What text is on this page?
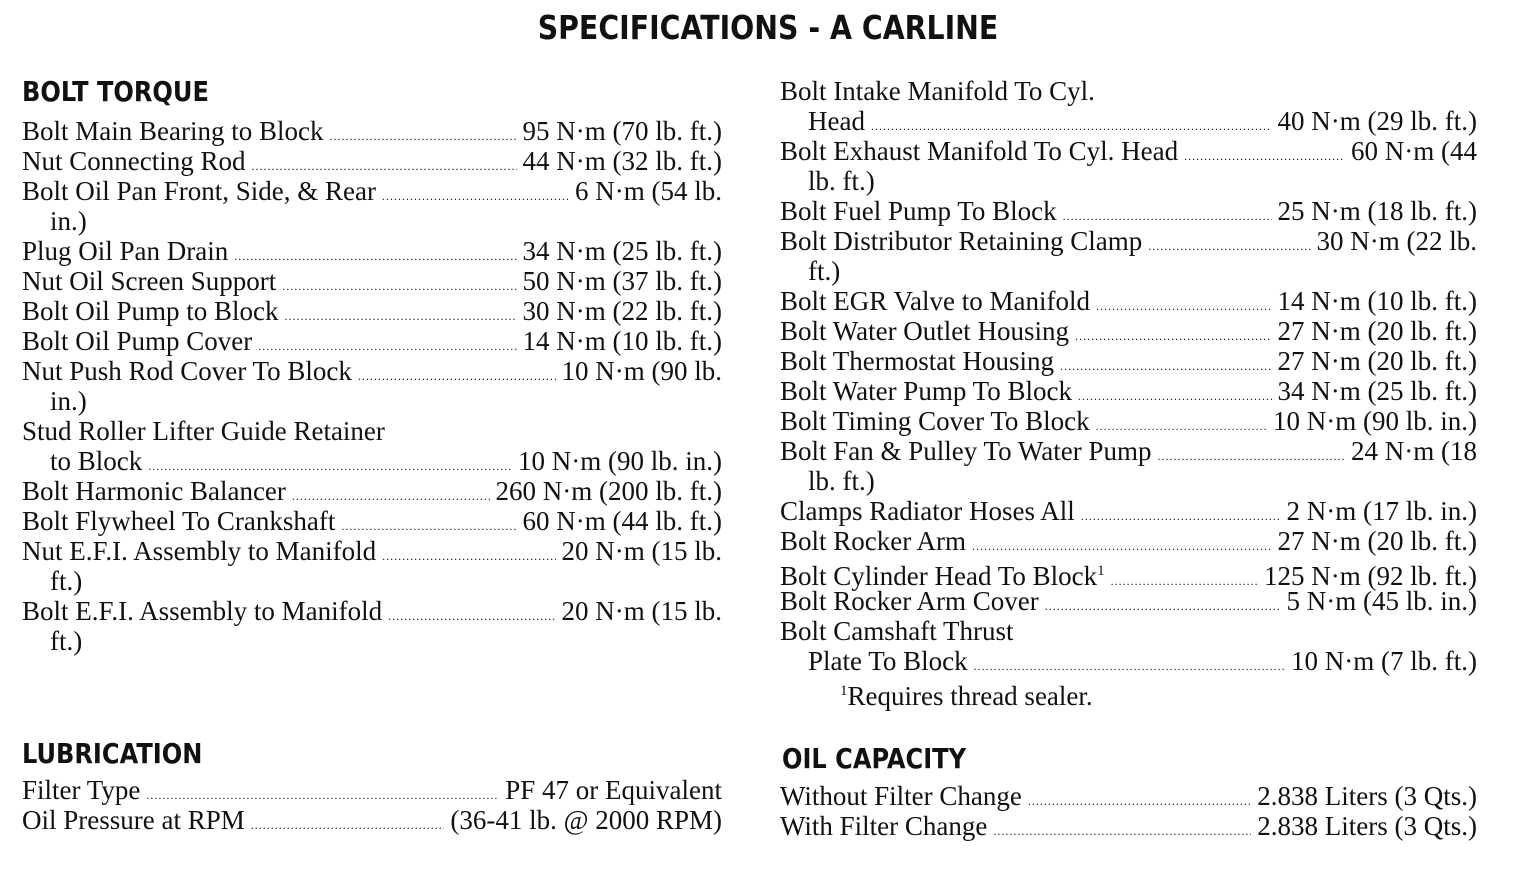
SPECIFICATIONS - A CARLINE
BOLT TORQUE
Bolt Main Bearing to Block . . .	95 N·m (70 lb. ft.)
Nut Connecting Rod . . .	44 N·m (32 lb. ft.)
Bolt Oil Pan Front, Side, & Rear . . .	6 N·m (54 lb.
in.)
Plug Oil Pan Drain . . .	34 N·m (25 lb. ft.)
Nut Oil Screen Support . . .	50 N·m (37 lb. ft.)
Bolt Oil Pump to Block . . .	30 N·m (22 lb. ft.)
Bolt Oil Pump Cover . . .	14 N·m (10 lb. ft.)
Nut Push Rod Cover To Block . . .	10 N·m (90 lb.
in.)
Stud Roller Lifter Guide Retainer
to Block . . .	10 N·m (90 lb. in.)
Bolt Harmonic Balancer . . .	260 N·m (200 lb. ft.)
Bolt Flywheel To Crankshaft . . .	60 N·m (44 lb. ft.)
Nut E.F.I. Assembly to Manifold . . .	20 N·m (15 lb.
ft.)
Bolt E.F.I. Assembly to Manifold . . .	20 N·m (15 lb.
ft.)
LUBRICATION
Filter Type . . .	PF 47 or Equivalent
Oil Pressure at RPM . . .	(36-41 lb. @ 2000 RPM)
Bolt Intake Manifold To Cyl.
Head . . .	40 N·m (29 lb. ft.)
Bolt Exhaust Manifold To Cyl. Head . . .	60 N·m (44
lb. ft.)
Bolt Fuel Pump To Block . . .	25 N·m (18 lb. ft.)
Bolt Distributor Retaining Clamp . . .	30 N·m (22 lb.
ft.)
Bolt EGR Valve to Manifold . . .	14 N·m (10 lb. ft.)
Bolt Water Outlet Housing . . .	27 N·m (20 lb. ft.)
Bolt Thermostat Housing . . .	27 N·m (20 lb. ft.)
Bolt Water Pump To Block . . .	34 N·m (25 lb. ft.)
Bolt Timing Cover To Block . . .	10 N·m (90 lb. in.)
Bolt Fan & Pulley To Water Pump . . .	24 N·m (18
lb. ft.)
Clamps Radiator Hoses All . . .	2 N·m (17 lb. in.)
Bolt Rocker Arm . . .	27 N·m (20 lb. ft.)
Bolt Cylinder Head To Block$^1$ . . .	125 N·m (92 lb. ft.)
Bolt Rocker Arm Cover . . .	5 N·m (45 lb. in.)
Bolt Camshaft Thrust
Plate To Block . . .	10 N·m (7 lb. ft.)
$^1$Requires thread sealer.
OIL CAPACITY
Without Filter Change . . .	2.838 Liters (3 Qts.)
With Filter Change . . .	2.838 Liters (3 Qts.)
